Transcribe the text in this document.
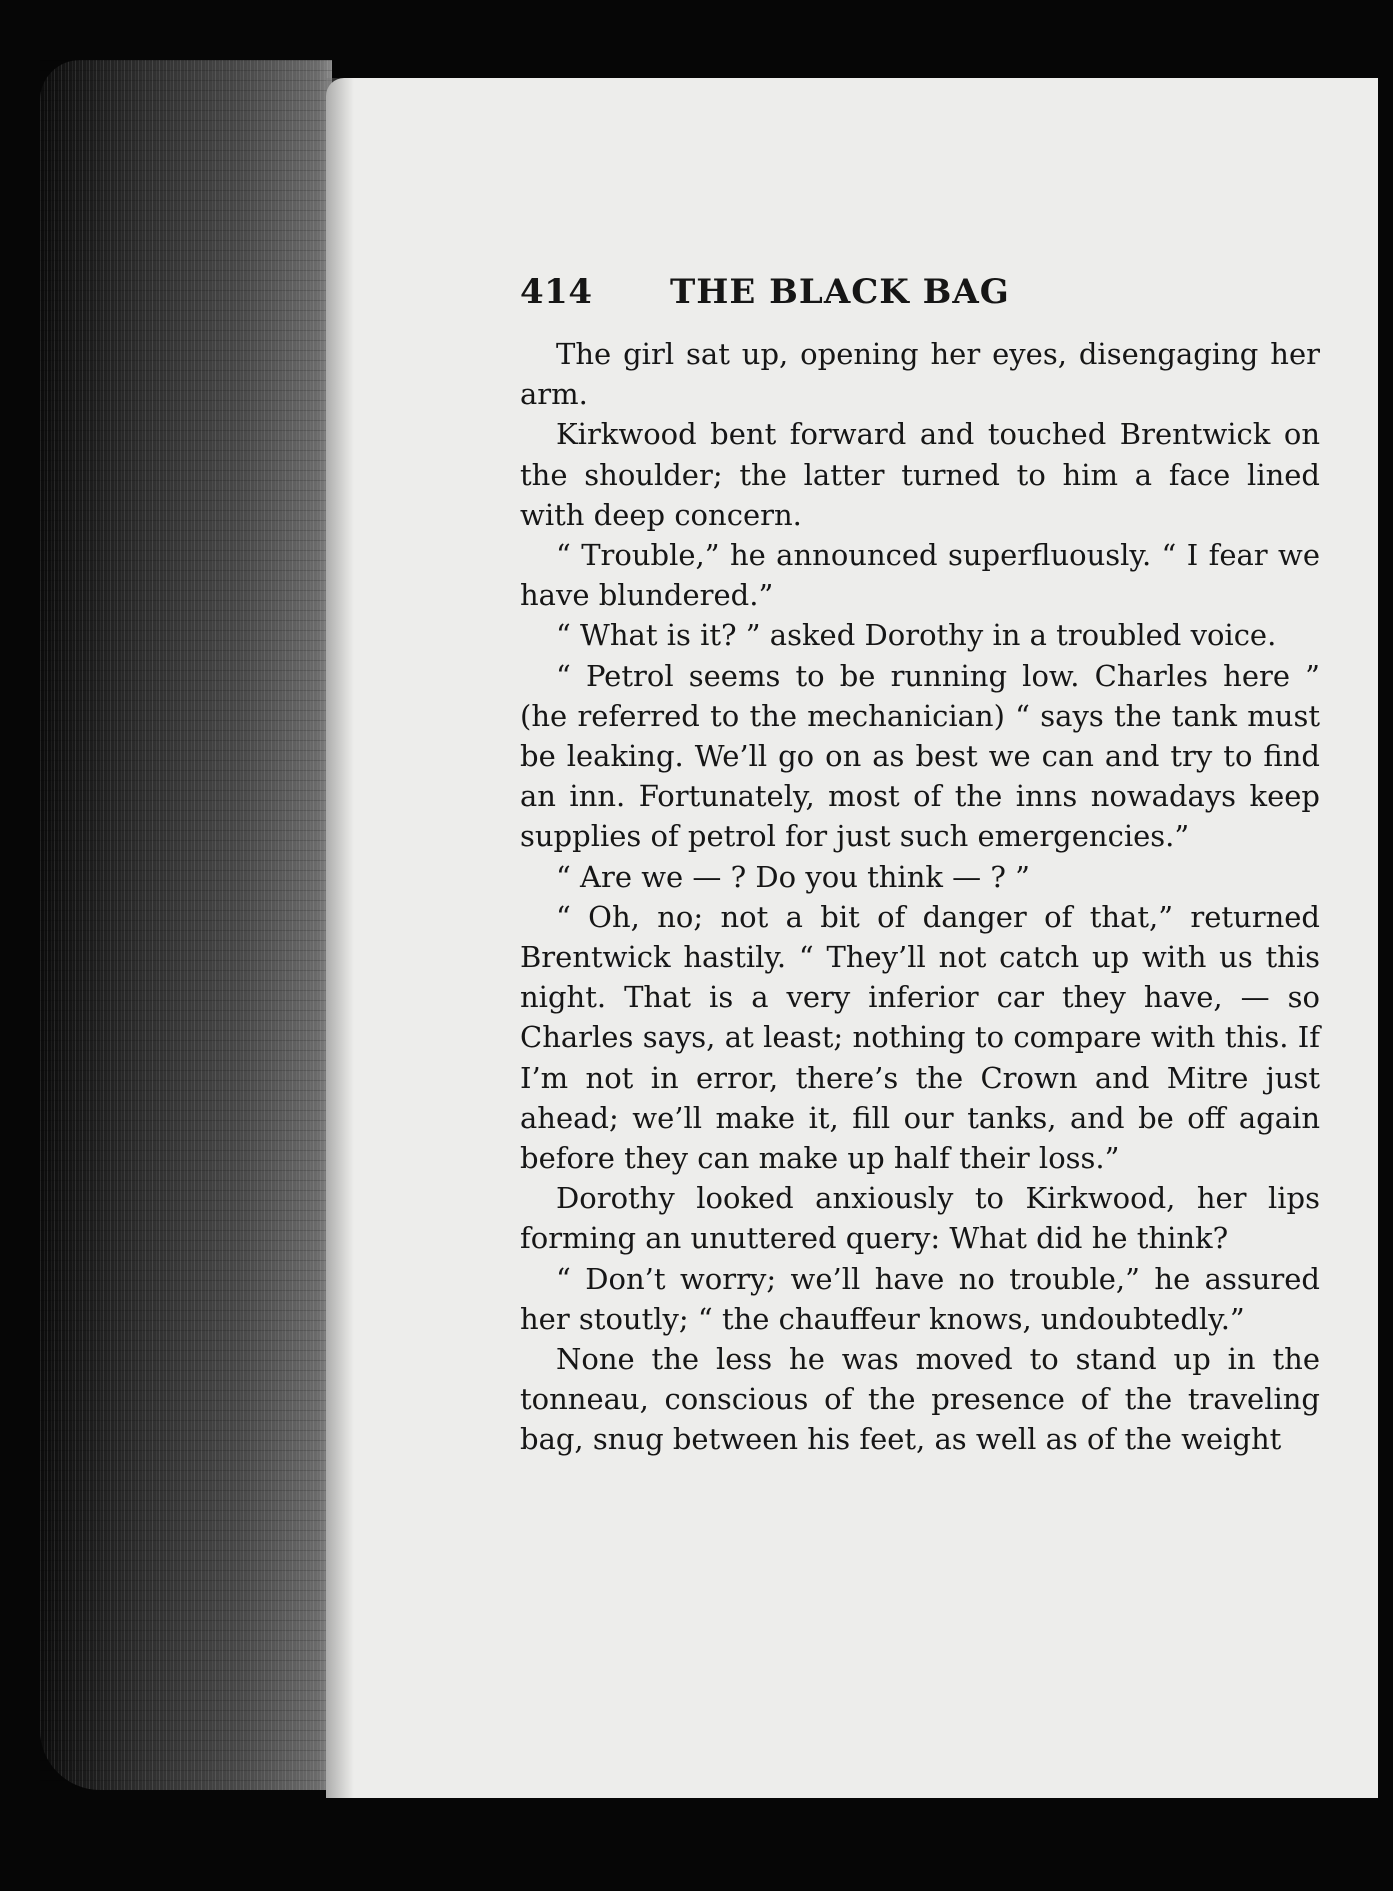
414	THE BLACK BAG

The girl sat up, opening her eyes, disengaging her arm.

Kirkwood bent forward and touched Brentwick on the shoulder; the latter turned to him a face lined with deep concern.

“ Trouble,” he announced superfluously. “ I fear we have blundered.”

“ What is it? ” asked Dorothy in a troubled voice.

“ Petrol seems to be running low. Charles here ” (he referred to the mechanician) “ says the tank must be leaking. We’ll go on as best we can and try to find an inn. Fortunately, most of the inns nowadays keep supplies of petrol for just such emergencies.”

“ Are we — ? Do you think — ? ”

“ Oh, no; not a bit of danger of that,” returned Brentwick hastily. “ They’ll not catch up with us this night. That is a very inferior car they have, — so Charles says, at least; nothing to compare with this. If I’m not in error, there’s the Crown and Mitre just ahead; we’ll make it, fill our tanks, and be off again before they can make up half their loss.”

Dorothy looked anxiously to Kirkwood, her lips forming an unuttered query: What did he think?

“ Don’t worry; we’ll have no trouble,” he assured her stoutly; “ the chauffeur knows, undoubtedly.”

None the less he was moved to stand up in the tonneau, conscious of the presence of the traveling bag, snug between his feet, as well as of the weight
